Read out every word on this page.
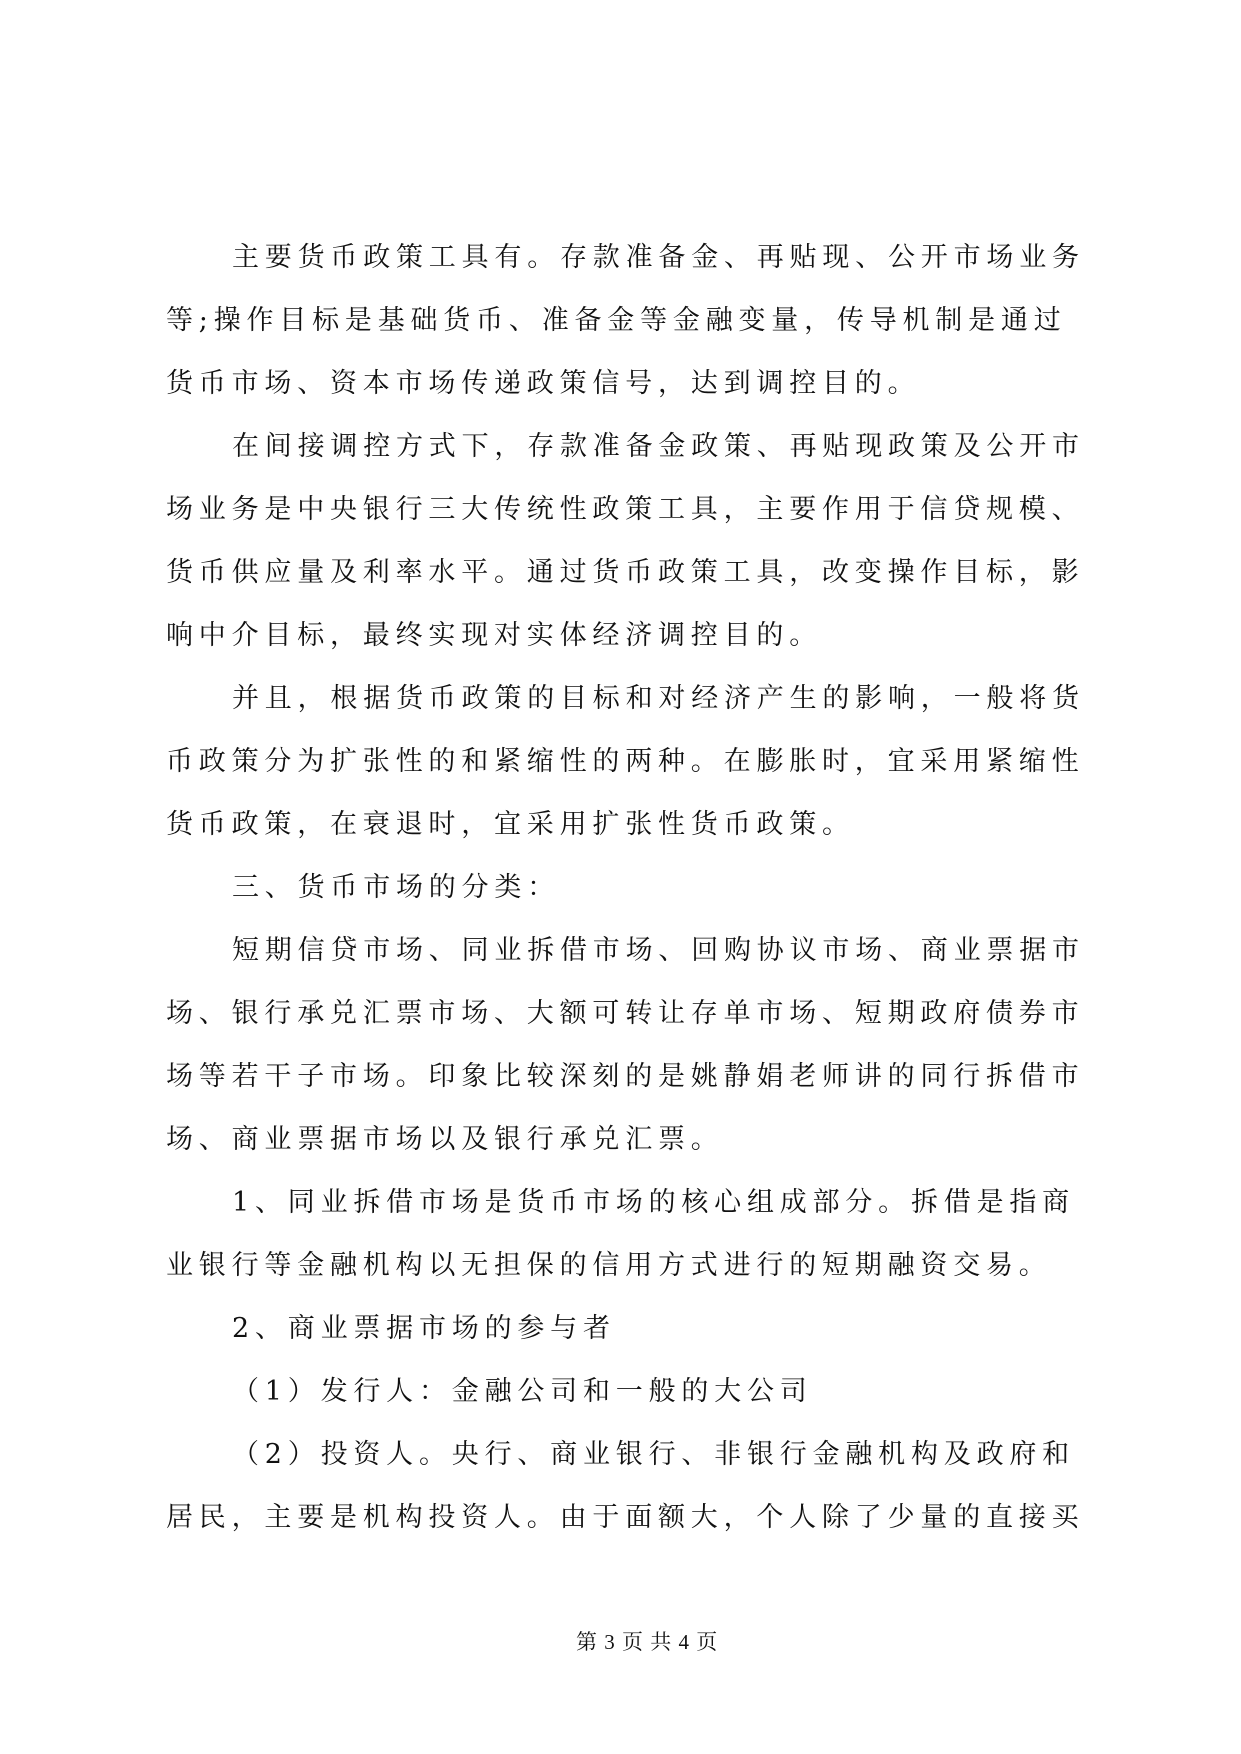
主要货币政策工具有。存款准备金、再贴现、公开市场业务
等;操作目标是基础货币、准备金等金融变量，传导机制是通过
货币市场、资本市场传递政策信号，达到调控目的。
在间接调控方式下，存款准备金政策、再贴现政策及公开市
场业务是中央银行三大传统性政策工具，主要作用于信贷规模、
货币供应量及利率水平。通过货币政策工具，改变操作目标，影
响中介目标，最终实现对实体经济调控目的。
并且，根据货币政策的目标和对经济产生的影响，一般将货
币政策分为扩张性的和紧缩性的两种。在膨胀时，宜采用紧缩性
货币政策，在衰退时，宜采用扩张性货币政策。
三、货币市场的分类：
短期信贷市场、同业拆借市场、回购协议市场、商业票据市
场、银行承兑汇票市场、大额可转让存单市场、短期政府债券市
场等若干子市场。印象比较深刻的是姚静娟老师讲的同行拆借市
场、商业票据市场以及银行承兑汇票。
1、同业拆借市场是货币市场的核心组成部分。拆借是指商
业银行等金融机构以无担保的信用方式进行的短期融资交易。
2、商业票据市场的参与者
（1）发行人：金融公司和一般的大公司
（2）投资人。央行、商业银行、非银行金融机构及政府和
居民，主要是机构投资人。由于面额大，个人除了少量的直接买
第 3 页 共 4 页
